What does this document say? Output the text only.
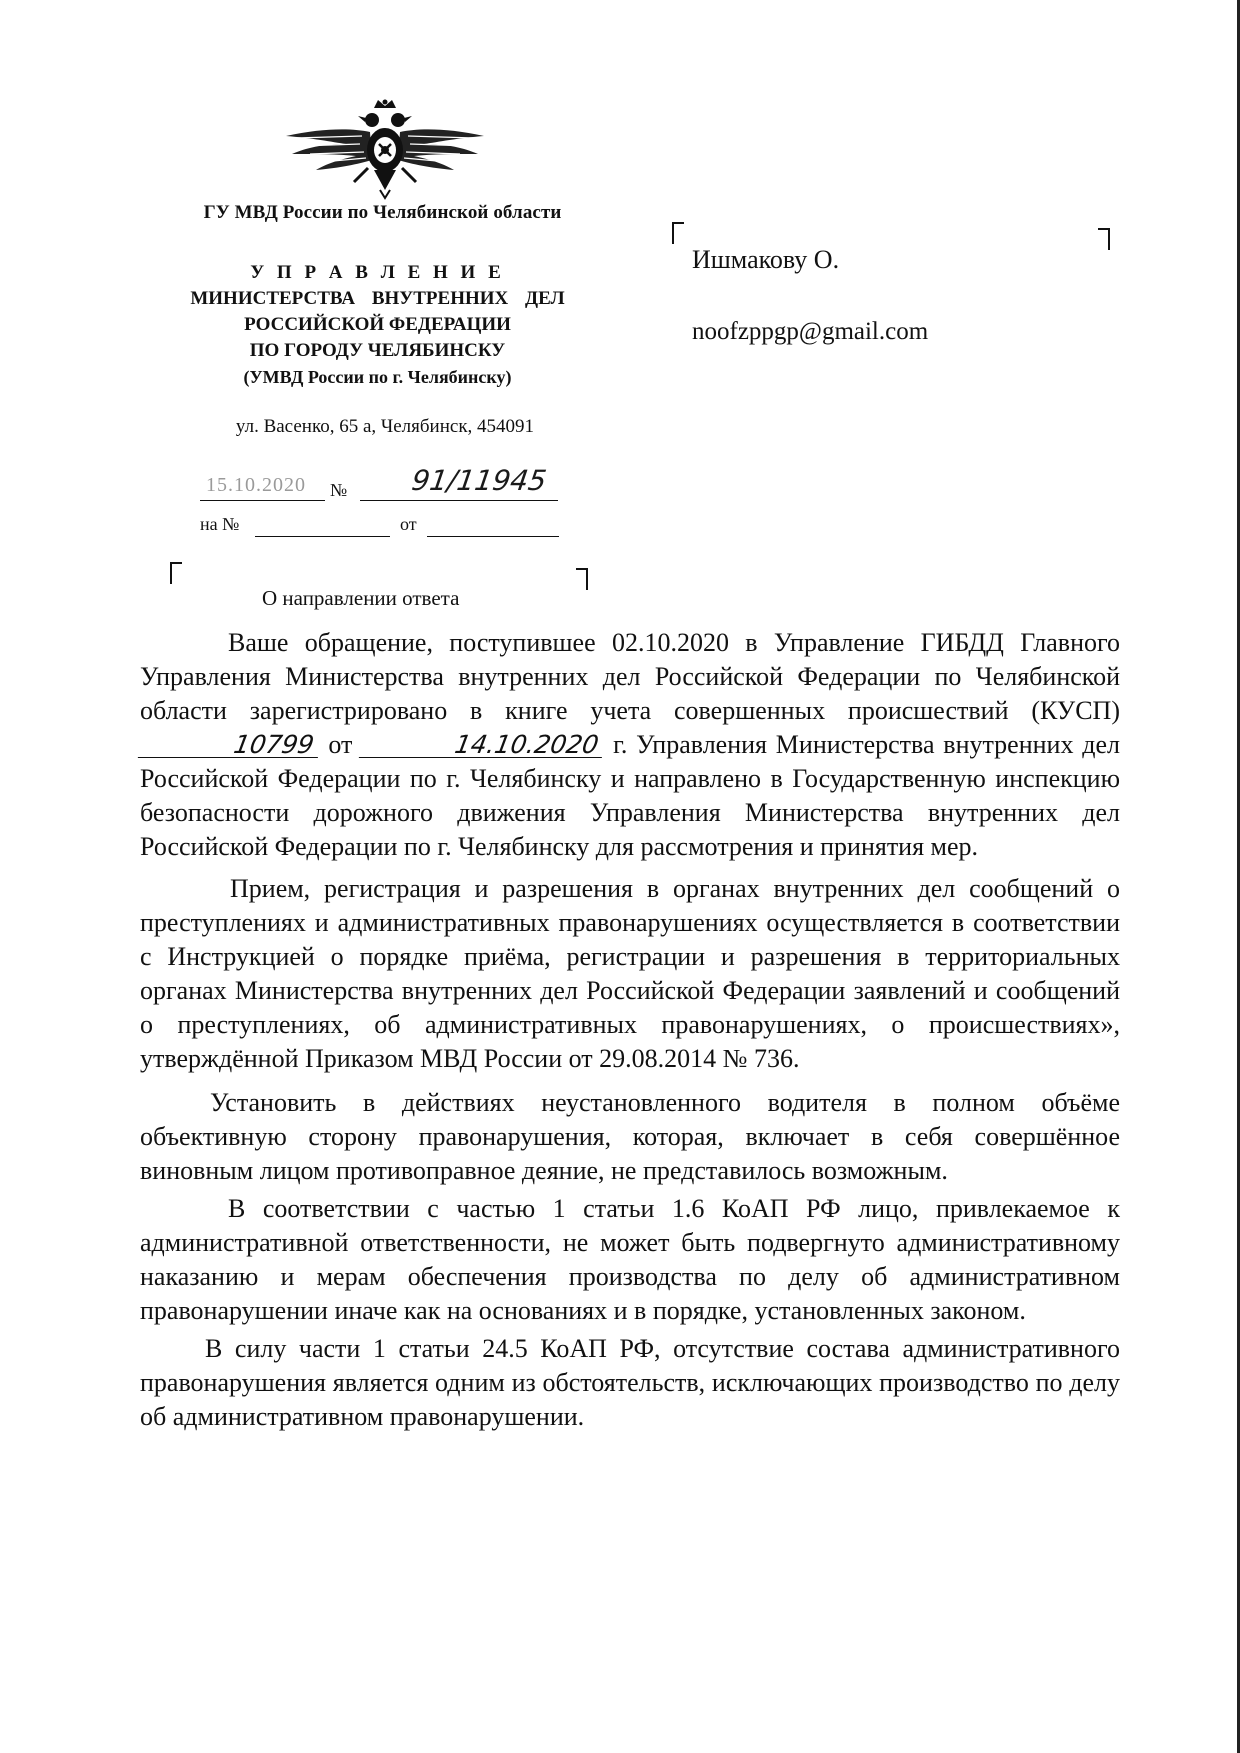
ГУ МВД России по Челябинской области
У П Р А В Л Е Н И Е
МИНИСТЕРСТВА ВНУТРЕННИХ ДЕЛ
РОССИЙСКОЙ ФЕДЕРАЦИИ
ПО ГОРОДУ ЧЕЛЯБИНСКУ
(УМВД России по г. Челябинску)
ул. Васенко, 65 а, Челябинск, 454091
15.10.2020 № 91/11945
на №	от
Ишмакову О.
noofzppgp@gmail.com
О направлении ответа

Ваше обращение, поступившее 02.10.2020 в Управление ГИБДД Главного Управления Министерства внутренних дел Российской Федерации по Челябинской области зарегистрировано в книге учета совершенных происшествий (КУСП) 10799 от	14.10.2020 г. Управления Министерства внутренних дел Российской Федерации по г. Челябинску и направлено в Государственную инспекцию безопасности дорожного движения Управления Министерства внутренних дел Российской Федерации по г. Челябинску для рассмотрения и принятия мер.

Прием, регистрация и разрешения в органах внутренних дел сообщений о преступлениях и административных правонарушениях осуществляется в соответствии с Инструкцией о порядке приёма, регистрации и разрешения в территориальных органах Министерства внутренних дел Российской Федерации заявлений и сообщений о преступлениях, об административных правонарушениях, о происшествиях», утверждённой Приказом МВД России от 29.08.2014 № 736.

Установить в действиях неустановленного водителя в полном объёме объективную сторону правонарушения, которая, включает в себя совершённое виновным лицом противоправное деяние, не представилось возможным.

В соответствии с частью 1 статьи 1.6 КоАП РФ лицо, привлекаемое к административной ответственности, не может быть подвергнуто административному наказанию и мерам обеспечения производства по делу об административном правонарушении иначе как на основаниях и в порядке, установленных законом.

В силу части 1 статьи 24.5 КоАП РФ, отсутствие состава административного правонарушения является одним из обстоятельств, исключающих производство по делу об административном правонарушении.
